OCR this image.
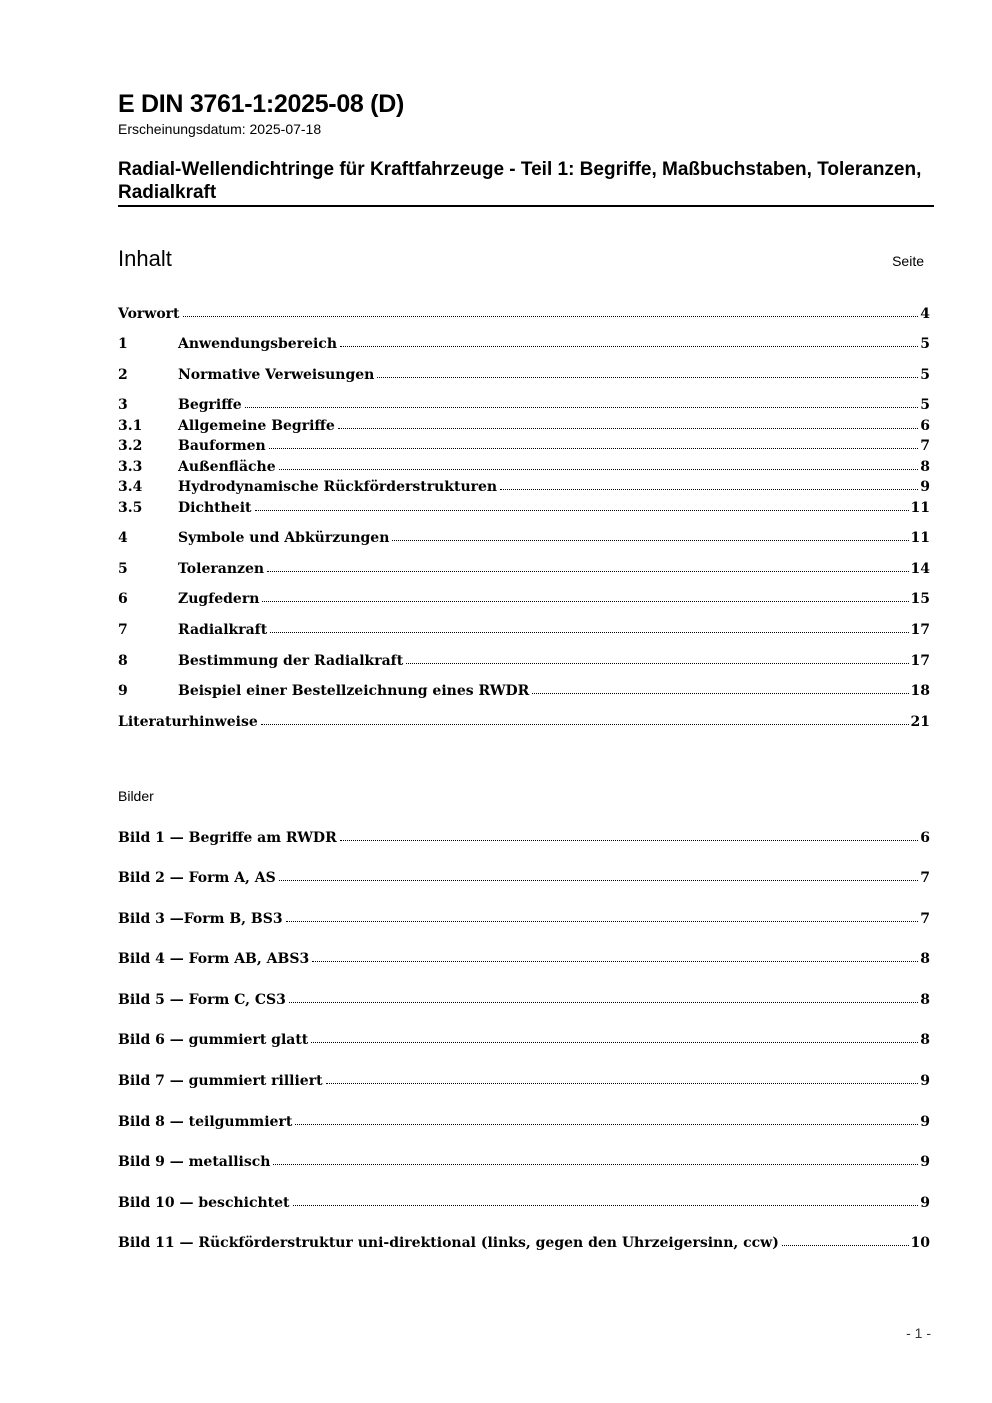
E DIN 3761-1:2025-08 (D)
Erscheinungsdatum: 2025-07-18
Radial-Wellendichtringe für Kraftfahrzeuge - Teil 1: Begriffe, Maßbuchstaben, Toleranzen, Radialkraft
Inhalt	Seite
Vorwort	4
1	Anwendungsbereich	5
2	Normative Verweisungen	5
3	Begriffe	5
3.1	Allgemeine Begriffe	6
3.2	Bauformen	7
3.3	Außenfläche	8
3.4	Hydrodynamische Rückförderstrukturen	9
3.5	Dichtheit	11
4	Symbole und Abkürzungen	11
5	Toleranzen	14
6	Zugfedern	15
7	Radialkraft	17
8	Bestimmung der Radialkraft	17
9	Beispiel einer Bestellzeichnung eines RWDR	18
Literaturhinweise	21
Bilder
Bild 1 — Begriffe am RWDR	6
Bild 2 — Form A, AS	7
Bild 3 —Form B, BS3	7
Bild 4 — Form AB, ABS3	8
Bild 5 — Form C, CS3	8
Bild 6 — gummiert glatt	8
Bild 7 — gummiert rilliert	9
Bild 8 — teilgummiert	9
Bild 9 — metallisch	9
Bild 10 — beschichtet	9
Bild 11 — Rückförderstruktur uni-direktional (links, gegen den Uhrzeigersinn, ccw)	10
- 1 -
